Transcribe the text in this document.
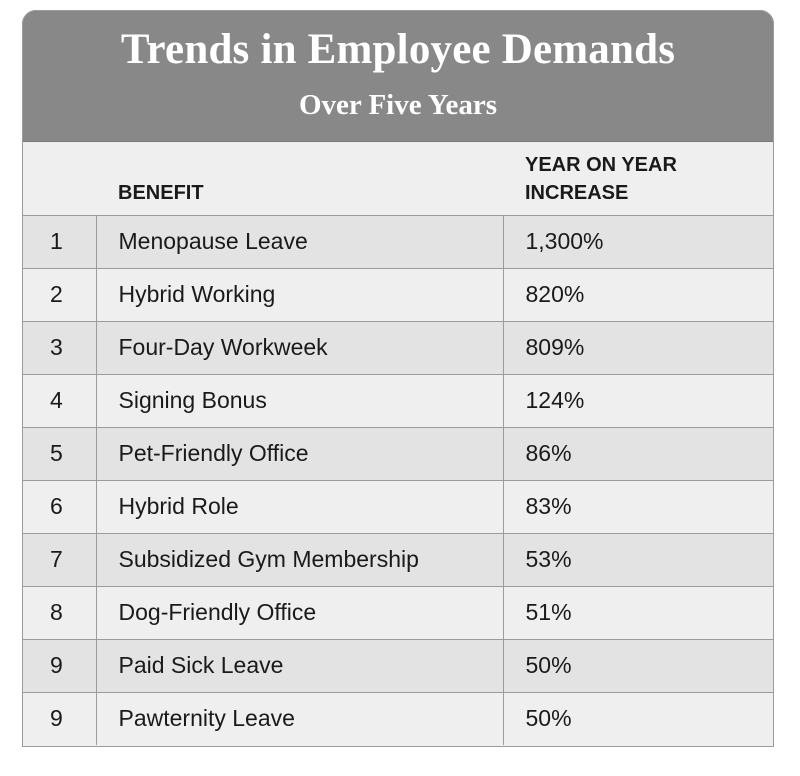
Trends in Employee Demands
Over Five Years
	BENEFIT	YEAR ON YEAR INCREASE
1	Menopause Leave	1,300%
2	Hybrid Working	820%
3	Four-Day Workweek	809%
4	Signing Bonus	124%
5	Pet-Friendly Office	86%
6	Hybrid Role	83%
7	Subsidized Gym Membership	53%
8	Dog-Friendly Office	51%
9	Paid Sick Leave	50%
9	Pawternity Leave	50%
